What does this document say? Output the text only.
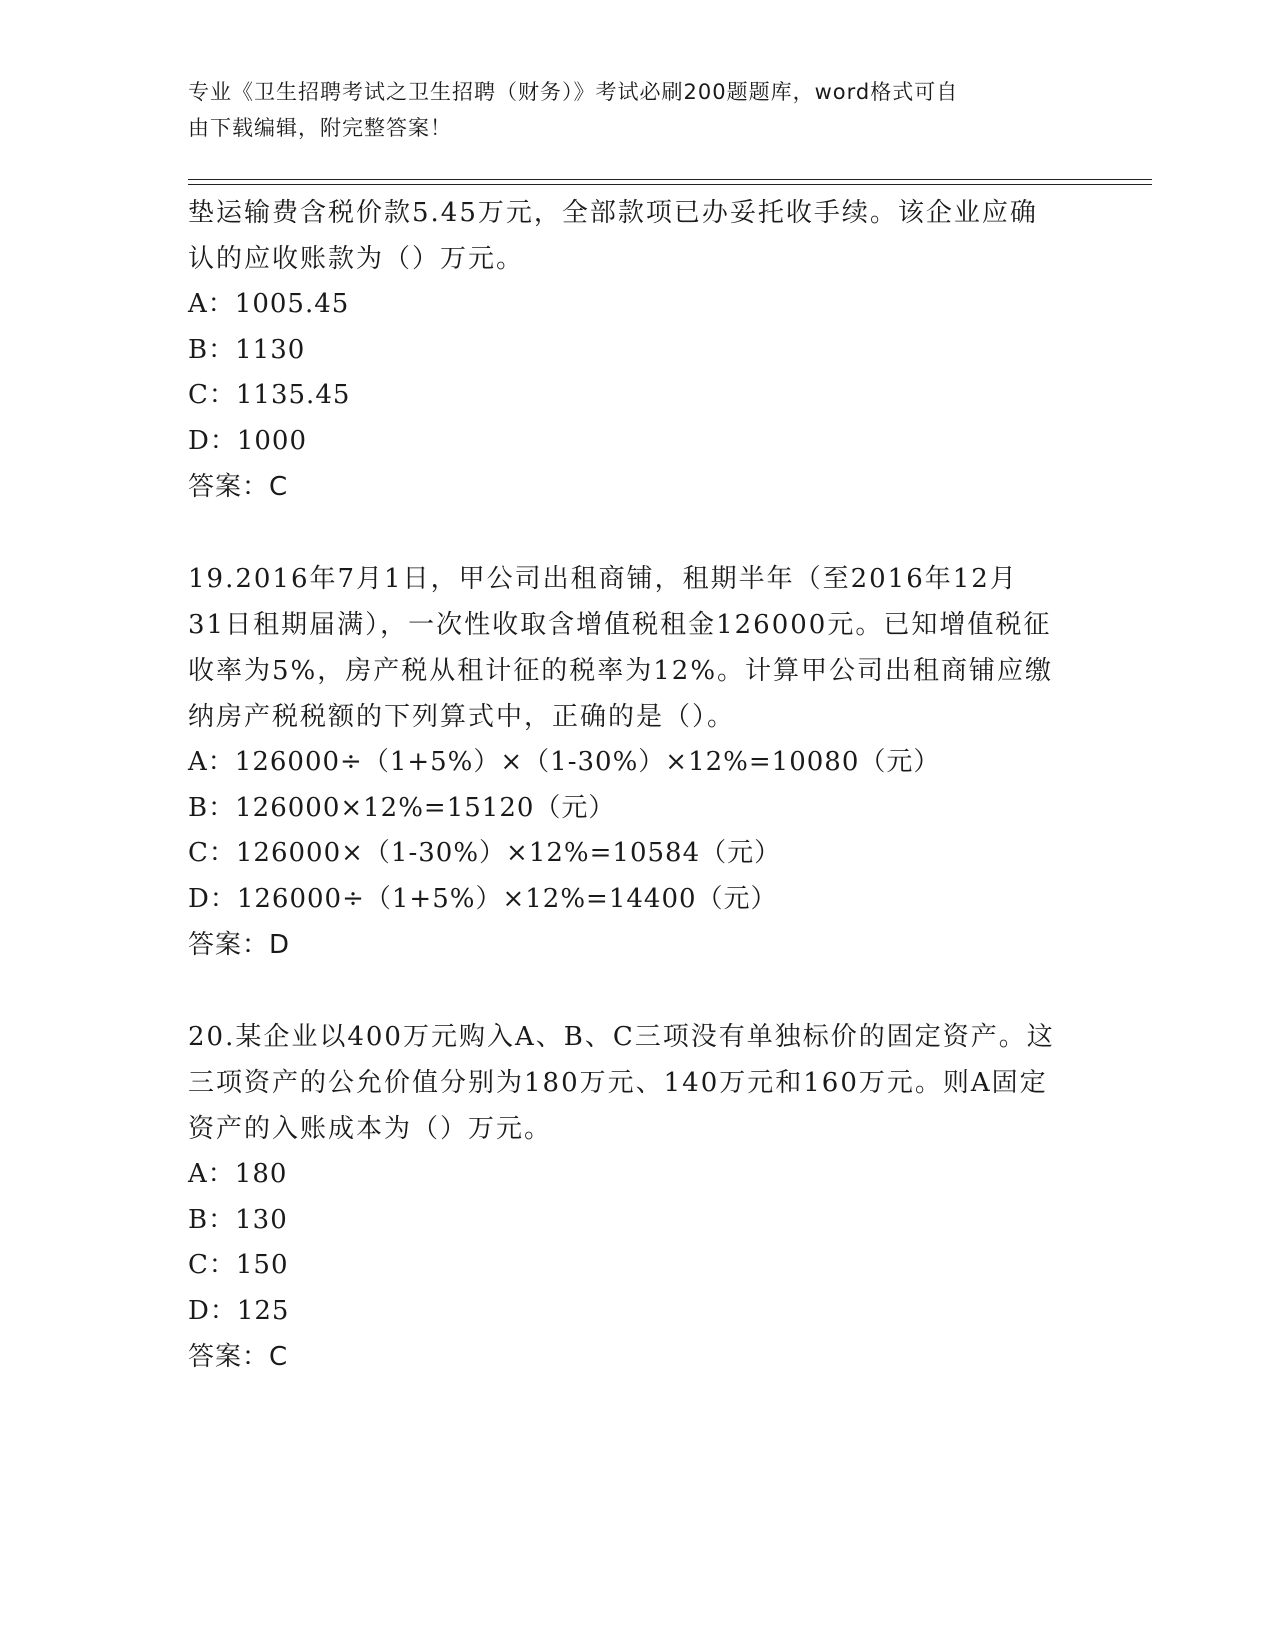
专业《卫生招聘考试之卫生招聘（财务）》考试必刷200题题库，word格式可自
由下载编辑，附完整答案！

垫运输费含税价款5.45万元，全部款项已办妥托收手续。该企业应确

认的应收账款为（）万元。

A：1005.45

B：1130

C：1135.45

D：1000

答案：C

19.2016年7月1日，甲公司出租商铺，租期半年（至2016年12月

31日租期届满），一次性收取含增值税租金126000元。已知增值税征

收率为5%，房产税从租计征的税率为12%。计算甲公司出租商铺应缴

纳房产税税额的下列算式中，正确的是（）。

A：126000÷（1+5%）×（1-30%）×12%=10080（元）

B：126000×12%=15120（元）

C：126000×（1-30%）×12%=10584（元）

D：126000÷（1+5%）×12%=14400（元）

答案：D

20.某企业以400万元购入A、B、C三项没有单独标价的固定资产。这

三项资产的公允价值分别为180万元、140万元和160万元。则A固定

资产的入账成本为（）万元。

A：180

B：130

C：150

D：125

答案：C
